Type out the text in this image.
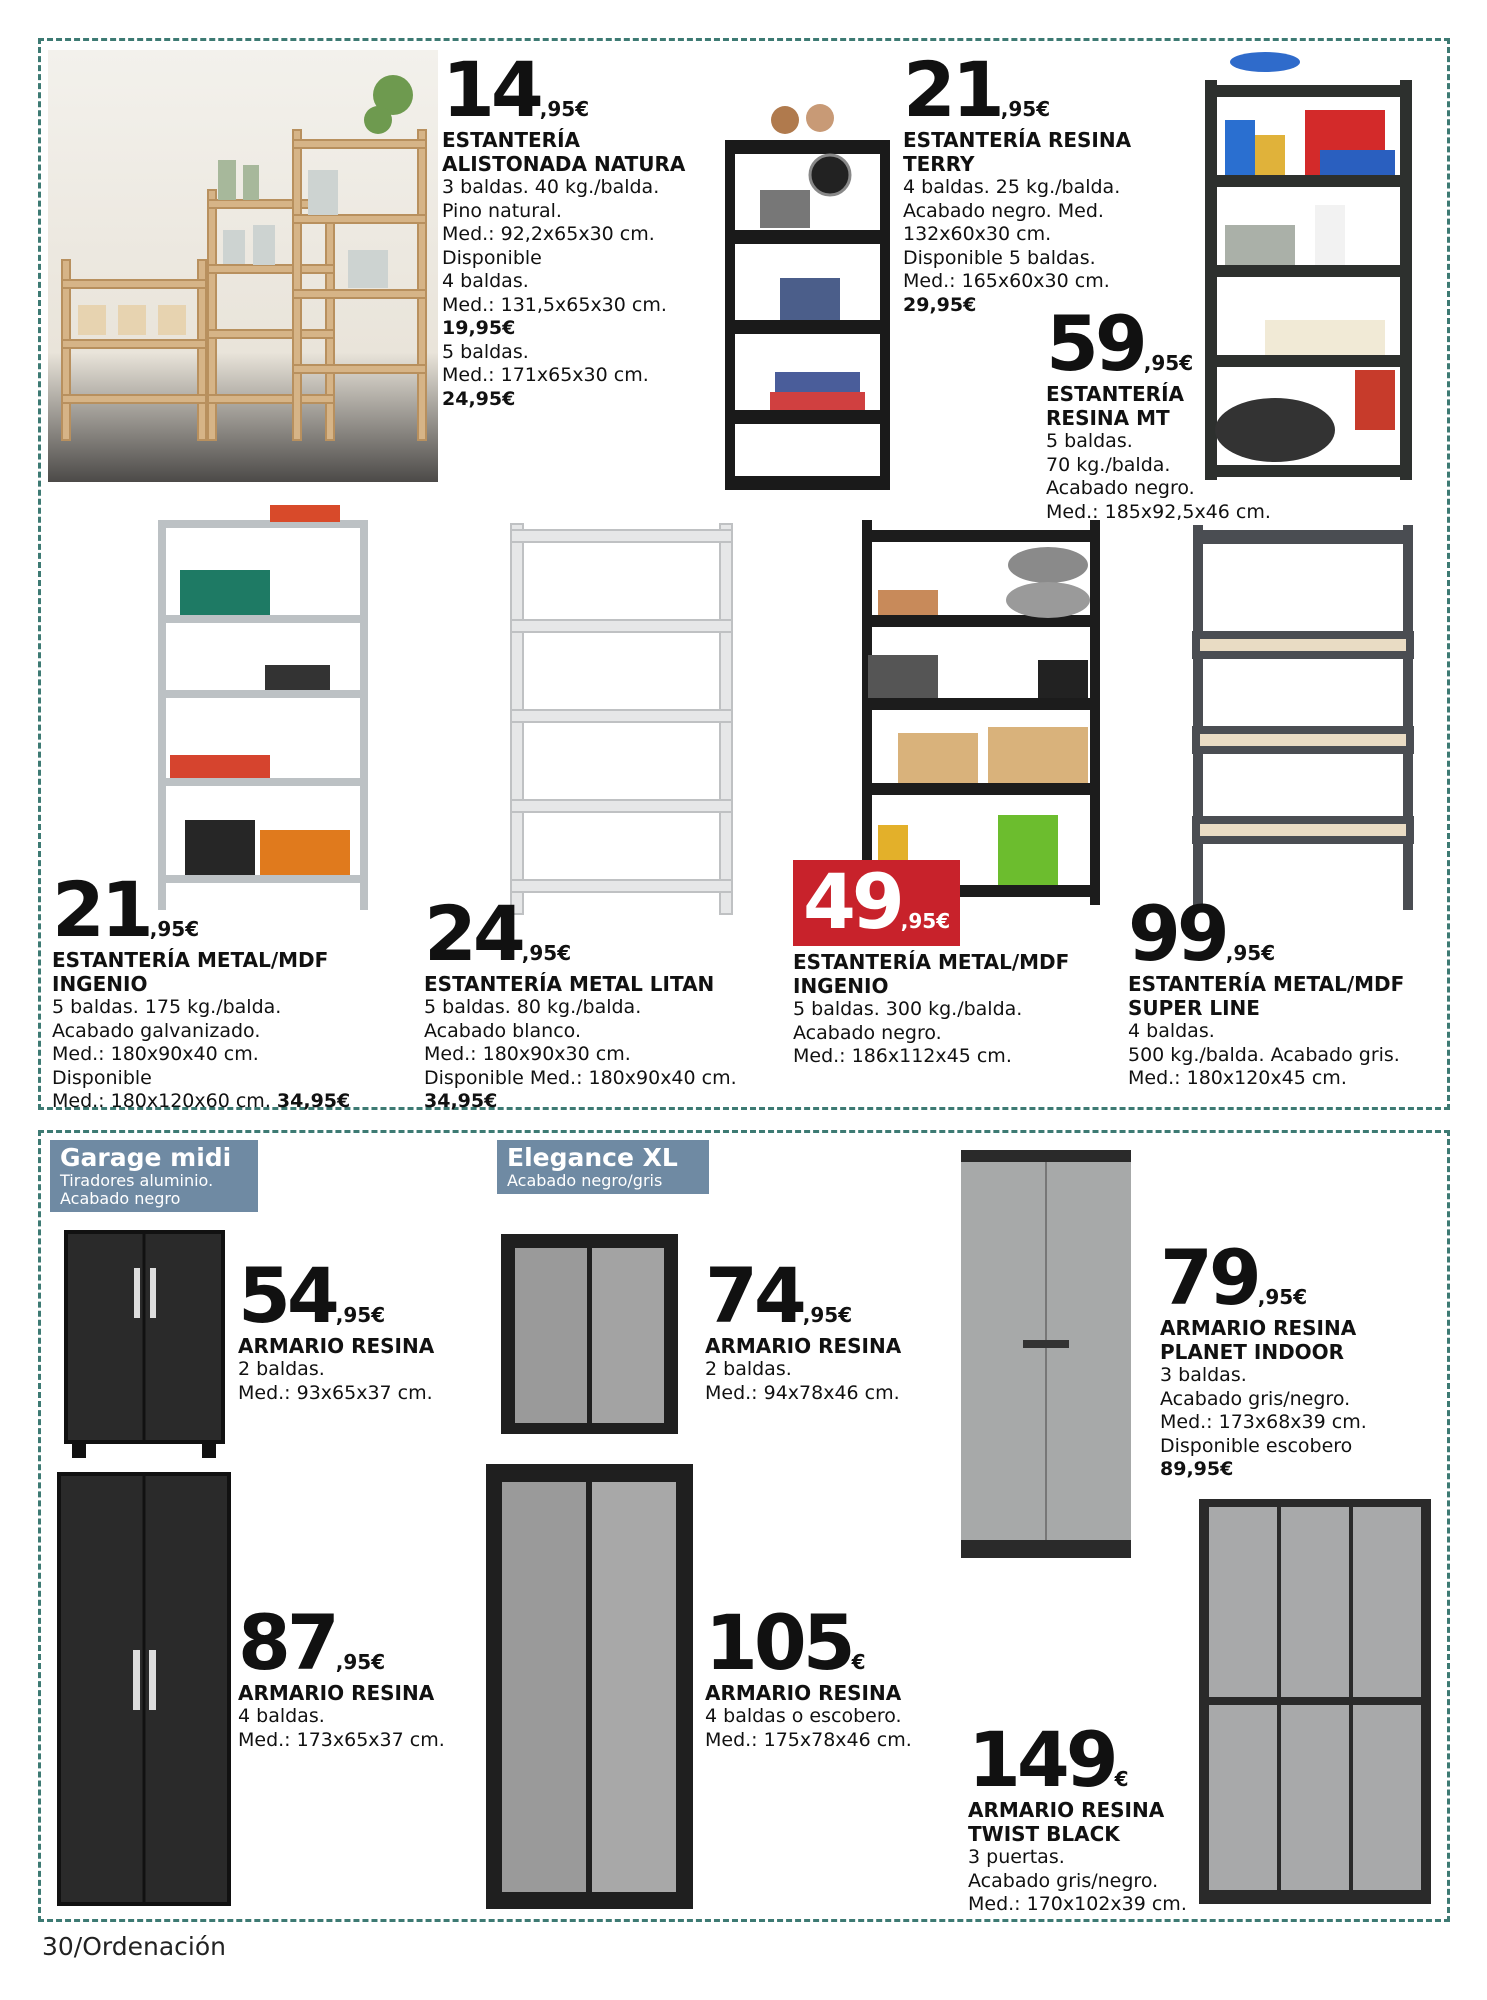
14,95€
ESTANTERÍA
ALISTONADA NATURA
3 baldas. 40 kg./balda.
Pino natural.
Med.: 92,2x65x30 cm.
Disponible
4 baldas.
Med.: 131,5x65x30 cm.
19,95€
5 baldas.
Med.: 171x65x30 cm.
24,95€
21,95€
ESTANTERÍA RESINA
TERRY
4 baldas. 25 kg./balda.
Acabado negro. Med.
132x60x30 cm.
Disponible 5 baldas.
Med.: 165x60x30 cm.
29,95€ 59,95€
ESTANTERÍA
RESINA MT
5 baldas.
70 kg./balda.
Acabado negro.
Med.: 185x92,5x46 cm.
21,95€
ESTANTERÍA METAL/MDF
INGENIO
5 baldas. 175 kg./balda.
Acabado galvanizado.
Med.: 180x90x40 cm.
Disponible
Med.: 180x120x60 cm. 34,95€
24,95€
ESTANTERÍA METAL LITAN
5 baldas. 80 kg./balda.
Acabado blanco.
Med.: 180x90x30 cm.
Disponible Med.: 180x90x40 cm.
34,95€
49,95€
ESTANTERÍA METAL/MDF
INGENIO
5 baldas. 300 kg./balda.
Acabado negro.
Med.: 186x112x45 cm.
99,95€
ESTANTERÍA METAL/MDF
SUPER LINE
4 baldas.
500 kg./balda. Acabado gris.
Med.: 180x120x45 cm.
Garage midi
Tiradores aluminio.
Acabado negro
Elegance XL
Acabado negro/gris
54,95€
ARMARIO RESINA
2 baldas.
Med.: 93x65x37 cm.
74,95€
ARMARIO RESINA
2 baldas.
Med.: 94x78x46 cm.
79,95€
ARMARIO RESINA
PLANET INDOOR
3 baldas.
Acabado gris/negro.
Med.: 173x68x39 cm.
Disponible escobero
89,95€
87,95€
ARMARIO RESINA
4 baldas.
Med.: 173x65x37 cm.
105€
ARMARIO RESINA
4 baldas o escobero.
Med.: 175x78x46 cm. 149€
ARMARIO RESINA
TWIST BLACK
3 puertas.
Acabado gris/negro.
Med.: 170x102x39 cm.
30/Ordenación
